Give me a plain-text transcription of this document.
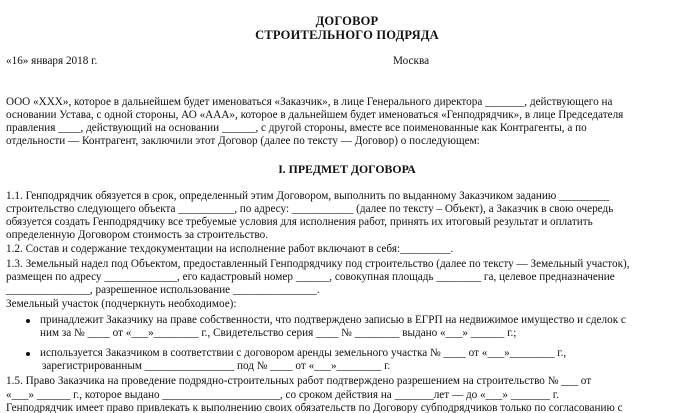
ДОГОВОР
СТРОИТЕЛЬНОГО ПОДРЯДА
«16» января 2018 г.	Москва
ООО «ХХХ», которое в дальнейшем будет именоваться «Заказчик», в лице Генерального директора _______, действующего на
основании Устава, с одной стороны, АО «ААА», которое в дальнейшем будет именоваться «Генподрядчик», в лице Председателя
правления ____, действующий на основании ______, с другой стороны, вместе все поименованные как Контрагенты, а по
отдельности — Контрагент, заключили этот Договор (далее по тексту — Договор) о последующем:
I. ПРЕДМЕТ ДОГОВОРА
1.1. Генподрядчик обязуется в срок, определенный этим Договором, выполнить по выданному Заказчиком заданию _________
строительство следующего объекта __________, по адресу: ___________ (далее по тексту – Объект), а Заказчик в свою очередь
обязуется создать Генподрядчику все требуемые условия для исполнения работ, принять их итоговый результат и оплатить
определенную Договором стоимость за строительство.
1.2. Состав и содержание техдокументации на исполнение работ включают в себя:_________.
1.3. Земельный надел под Объектом, предоставленный Генподрядчику под строительство (далее по тексту — Земельный участок),
размещен по адресу _____________, его кадастровый номер ______, совокупная площадь ________ га, целевое предназначение
_______________, разрешенное использование _______________.
Земельный участок (подчеркнуть необходимое):
принадлежит Заказчику на праве собственности, что подтверждено записью в ЕГРП на недвижимое имущество и сделок с
ним за № ____ от «___»________ г., Свидетельство серия ____ № ________ выдано «___» ______ г.;
используется Заказчиком в соответствии с договором аренды земельного участка № ____ от «___»________ г.,
зарегистрированным ________________ под № ____ от «___»________ г.
1.5. Право Заказчика на проведение подрядно-строительных работ подтверждено разрешением на строительство № ___ от
«___» ______ г., которое выдано _____________________, со сроком действия на _______лет — до «___» _______ г.
Генподрядчик имеет право привлекать к выполнению своих обязательств по Договору субподрядчиков только по согласованию с
